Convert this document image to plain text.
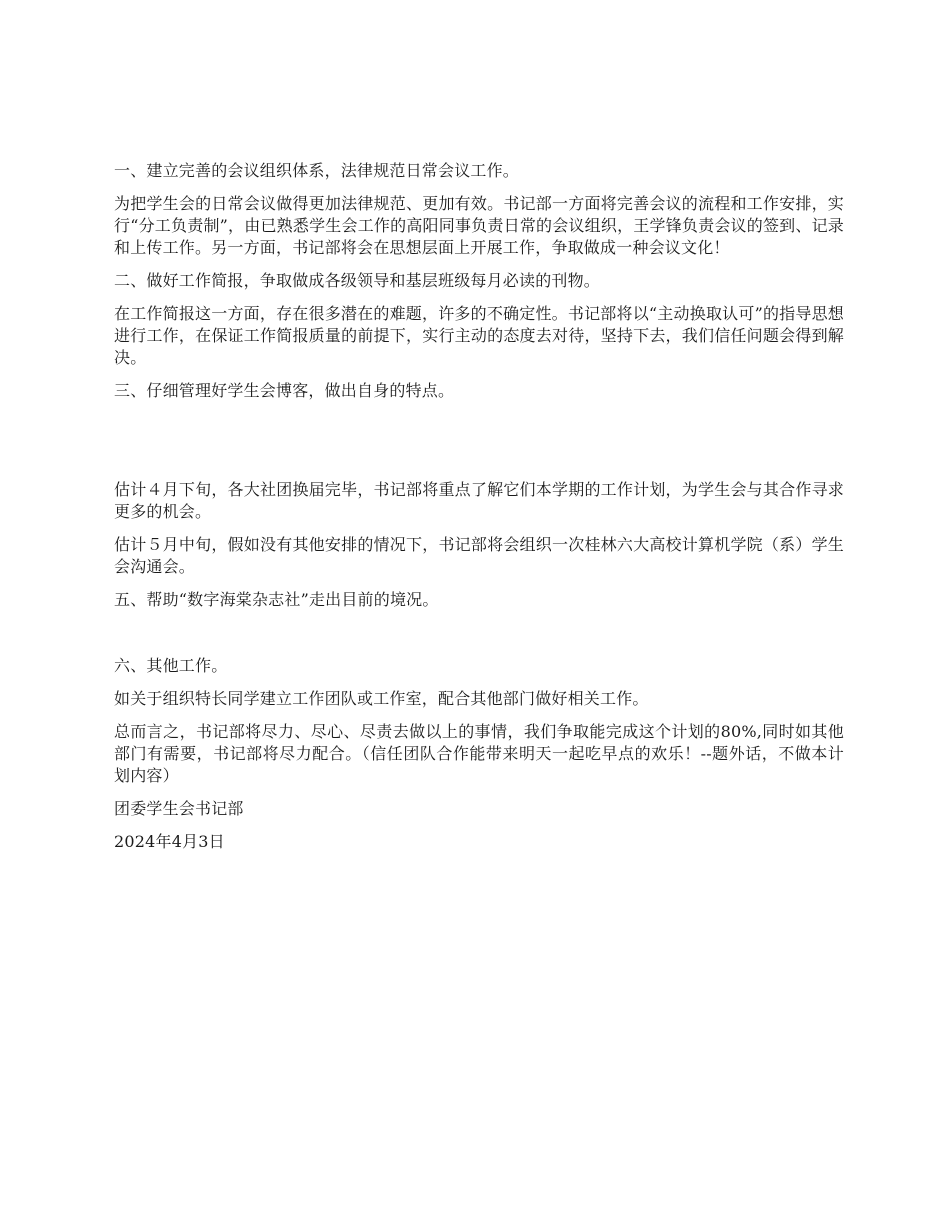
一、建立完善的会议组织体系，法律规范日常会议工作。

为把学生会的日常会议做得更加法律规范、更加有效。书记部一方面将完善会议的流程和工作安排，实行“分工负责制”，由已熟悉学生会工作的高阳同事负责日常的会议组织，王学锋负责会议的签到、记录和上传工作。另一方面，书记部将会在思想层面上开展工作，争取做成一种会议文化！

二、做好工作简报，争取做成各级领导和基层班级每月必读的刊物。

在工作简报这一方面，存在很多潜在的难题，许多的不确定性。书记部将以“主动换取认可”的指导思想进行工作，在保证工作简报质量的前提下，实行主动的态度去对待，坚持下去，我们信任问题会得到解决。

三、仔细管理好学生会博客，做出自身的特点。

估计４月下旬，各大社团换届完毕，书记部将重点了解它们本学期的工作计划，为学生会与其合作寻求更多的机会。

估计５月中旬，假如没有其他安排的情况下，书记部将会组织一次桂林六大高校计算机学院（系）学生会沟通会。

五、帮助“数字海棠杂志社”走出目前的境况。

六、其他工作。

如关于组织特长同学建立工作团队或工作室，配合其他部门做好相关工作。

总而言之，书记部将尽力、尽心、尽责去做以上的事情，我们争取能完成这个计划的80%,同时如其他部门有需要，书记部将尽力配合。（信任团队合作能带来明天一起吃早点的欢乐！--题外话，不做本计划内容）

团委学生会书记部

2024年4月3日
